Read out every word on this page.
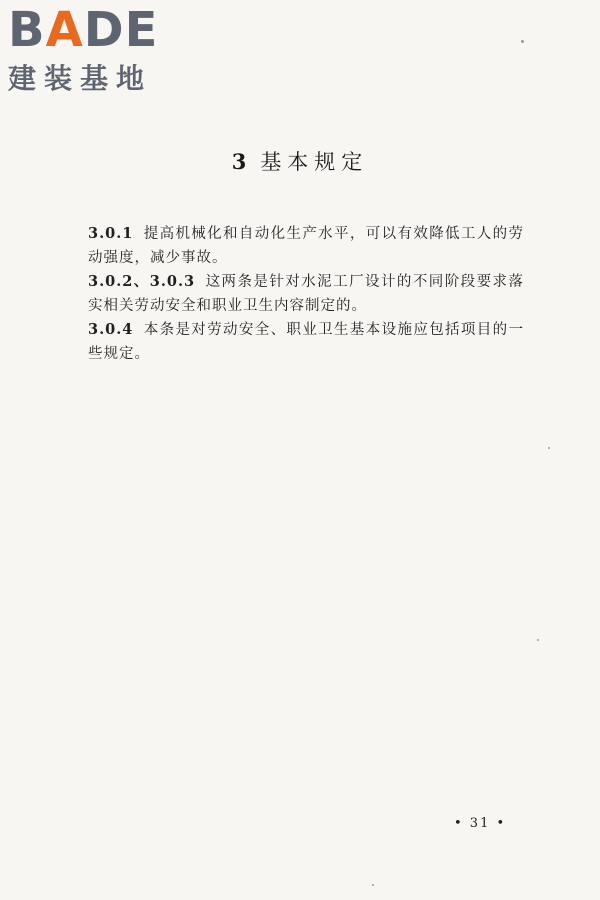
BADE
建装基地
3 基本规定

3.0.1 提高机械化和自动化生产水平，可以有效降低工人的劳动强度，减少事故。

3.0.2、3.0.3 这两条是针对水泥工厂设计的不同阶段要求落实相关劳动安全和职业卫生内容制定的。

3.0.4 本条是对劳动安全、职业卫生基本设施应包括项目的一些规定。

• 31 •
